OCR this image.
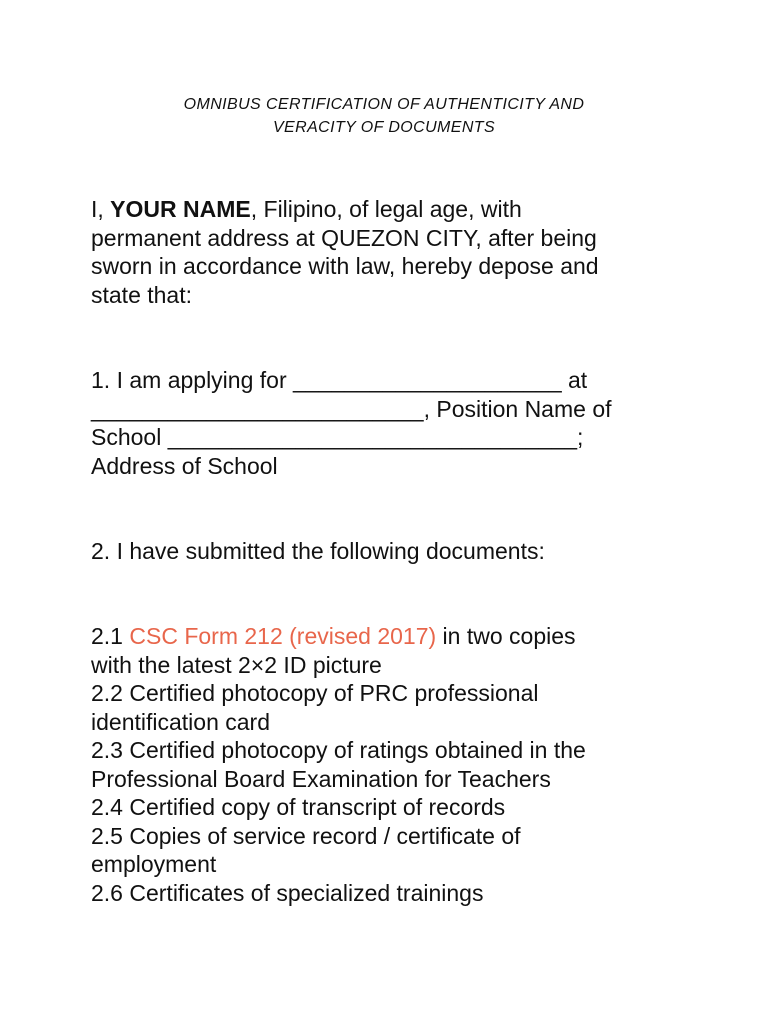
OMNIBUS CERTIFICATION OF AUTHENTICITY AND
VERACITY OF DOCUMENTS
I, YOUR NAME, Filipino, of legal age, with
permanent address at QUEZON CITY, after being
sworn in accordance with law, hereby depose and
state that:
1. I am applying for _____________________ at
__________________________, Position Name of
School ________________________________;
Address of School
2. I have submitted the following documents:
2.1 CSC Form 212 (revised 2017) in two copies
with the latest 2×2 ID picture
2.2 Certified photocopy of PRC professional
identification card
2.3 Certified photocopy of ratings obtained in the
Professional Board Examination for Teachers
2.4 Certified copy of transcript of records
2.5 Copies of service record / certificate of
employment
2.6 Certificates of specialized trainings
